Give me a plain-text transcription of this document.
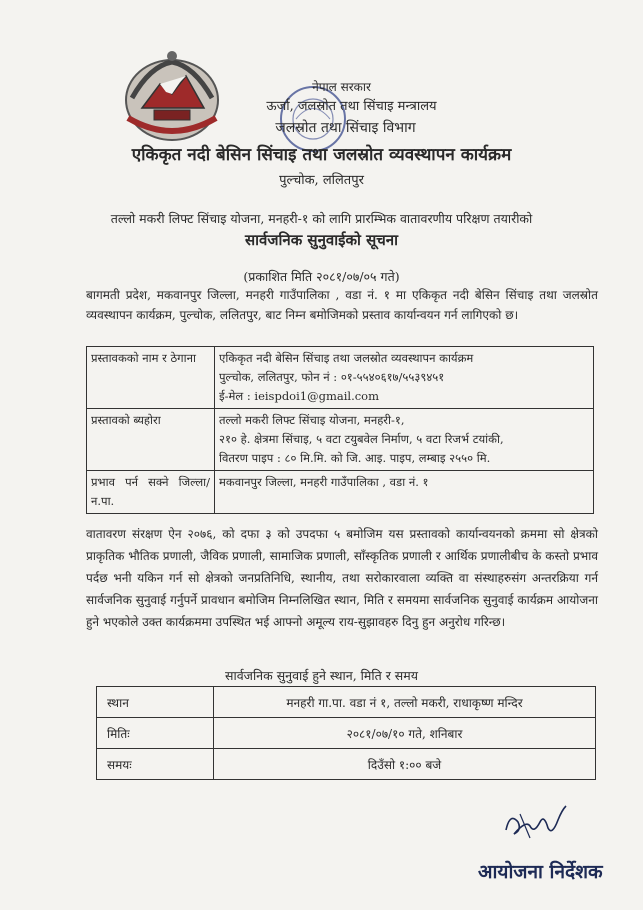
नेपाल सरकार
ऊर्जा, जलस्रोत तथा सिंचाइ मन्त्रालय
जलस्रोत तथा सिंचाइ विभाग
एकिकृत नदी बेसिन सिंचाइ तथा जलस्रोत व्यवस्थापन कार्यक्रम
पुल्चोक, ललितपुर
तल्लो मकरी लिफ्ट सिंचाइ योजना, मनहरी-१ को लागि प्रारम्भिक वातावरणीय परिक्षण तयारीको
सार्वजनिक सुनुवाईको सूचना
(प्रकाशित मिति २०८१/०७/०५ गते)
बागमती प्रदेश, मकवानपुर जिल्ला, मनहरी गाउँपालिका , वडा नं. १ मा एकिकृत नदी बेसिन सिंचाइ तथा जलस्रोत व्यवस्थापन कार्यक्रम, पुल्चोक, ललितपुर, बाट निम्न बमोजिमको प्रस्ताव कार्यान्वयन गर्न लागिएको छ।
प्रस्तावकको नाम र ठेगाना	एकिकृत नदी बेसिन सिंचाइ तथा जलस्रोत व्यवस्थापन कार्यक्रम
पुल्चोक, ललितपुर, फोन नं : ०१-५५४०६१७/५५३९४५१
ई-मेल : ieispdoi1@gmail.com

प्रस्तावको ब्यहोरा	तल्लो मकरी लिफ्ट सिंचाइ योजना, मनहरी-१,
२१० हे. क्षेत्रमा सिंचाइ, ५ वटा टयुबवेल निर्माण, ५ वटा रिजर्भ टयांकी,
वितरण पाइप : ८० मि.मि. को जि. आइ. पाइप, लम्बाइ २५५० मि.

प्रभाव पर्न सक्ने जिल्ला/न.पा.	मकवानपुर जिल्ला, मनहरी गाउँपालिका , वडा नं. १
वातावरण संरक्षण ऐन २०७६, को दफा ३ को उपदफा ५ बमोजिम यस प्रस्तावको कार्यान्वयनको क्रममा सो क्षेत्रको प्राकृतिक भौतिक प्रणाली, जैविक प्रणाली, सामाजिक प्रणाली, साँस्कृतिक प्रणाली र आर्थिक प्रणालीबीच के कस्तो प्रभाव पर्दछ भनी यकिन गर्न सो क्षेत्रको जनप्रतिनिधि, स्थानीय, तथा सरोकारवाला व्यक्ति वा संस्थाहरुसंग अन्तरक्रिया गर्न सार्वजनिक सुनुवाई गर्नुपर्ने प्रावधान बमोजिम निम्नलिखित स्थान, मिति र समयमा सार्वजनिक सुनुवाई कार्यक्रम आयोजना हुने भएकोले उक्त कार्यक्रममा उपस्थित भई आफ्नो अमूल्य राय-सुझावहरु दिनु हुन अनुरोध गरिन्छ।
सार्वजनिक सुनुवाई हुने स्थान, मिति र समय
स्थान	मनहरी गा.पा. वडा नं १, तल्लो मकरी, राधाकृष्ण मन्दिर
मितिः	२०८१/०७/१० गते, शनिबार
समयः	दिउँसो १:०० बजे
आयोजना निर्देशक
